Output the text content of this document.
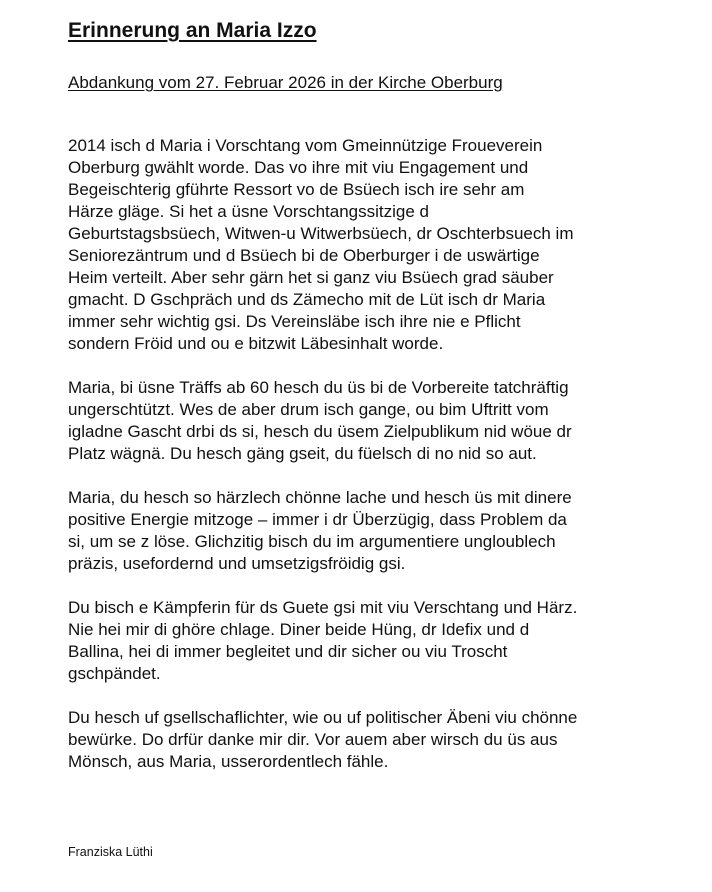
Erinnerung an Maria Izzo
Abdankung vom 27. Februar 2026 in der Kirche Oberburg

2014 isch d Maria i Vorschtang vom Gmeinnützige Froueverein
Oberburg gwählt worde. Das vo ihre mit viu Engagement und
Begeischterig gführte Ressort vo de Bsüech isch ire sehr am
Härze gläge. Si het a üsne Vorschtangssitzige d
Geburtstagsbsüech, Witwen-u Witwerbsüech, dr Oschterbsuech im
Seniorezäntrum und d Bsüech bi de Oberburger i de uswärtige
Heim verteilt. Aber sehr gärn het si ganz viu Bsüech grad säuber
gmacht. D Gschpräch und ds Zämecho mit de Lüt isch dr Maria
immer sehr wichtig gsi. Ds Vereinsläbe isch ihre nie e Pflicht
sondern Fröid und ou e bitzwit Läbesinhalt worde.

Maria, bi üsne Träffs ab 60 hesch du üs bi de Vorbereite tatchräftig
ungerschtützt. Wes de aber drum isch gange, ou bim Uftritt vom
igladne Gascht drbi ds si, hesch du üsem Zielpublikum nid wöue dr
Platz wägnä. Du hesch gäng gseit, du füelsch di no nid so aut.

Maria, du hesch so härzlech chönne lache und hesch üs mit dinere
positive Energie mitzoge – immer i dr Überzügig, dass Problem da
si, um se z löse. Glichzitig bisch du im argumentiere ungloublech
präzis, usefordernd und umsetzigsfröidig gsi.

Du bisch e Kämpferin für ds Guete gsi mit viu Verschtang und Härz.
Nie hei mir di ghöre chlage. Diner beide Hüng, dr Idefix und d
Ballina, hei di immer begleitet und dir sicher ou viu Troscht
gschpändet.

Du hesch uf gsellschaflichter, wie ou uf politischer Äbeni viu chönne
bewürke. Do drfür danke mir dir. Vor auem aber wirsch du üs aus
Mönsch, aus Maria, usserordentlech fähle.

Franziska Lüthi
